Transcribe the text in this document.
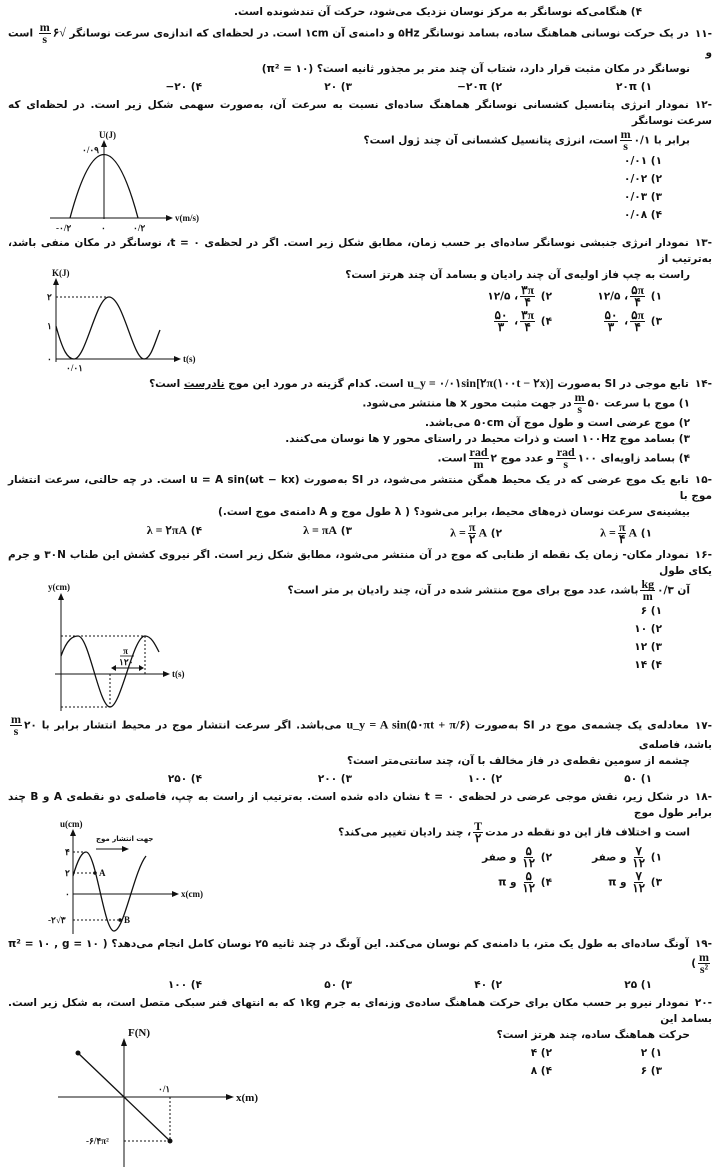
۴) هنگامی‌که نوسانگر به مرکز نوسان نزدیک می‌شود، حرکت آن تندشونده است.
-۱۱در یک حرکت نوسانی هماهنگ ساده، بسامد نوسانگر ۵Hz و دامنه‌ی آن ۱cm است. در لحظه‌ای که اندازه‌ی سرعت نوسانگر √۶
$\frac{m}{s}$
است و
نوسانگر در مکان مثبت قرار دارد، شتاب آن چند متر بر مجذور ثانیه است؟ (π² = ۱۰)
۱) ۲۰π
۲) ۲۰π−
۳) ۲۰
۴) ۲۰−
-۱۲نمودار انرژی پتانسیل کشسانی نوسانگر هماهنگ ساده‌ای نسبت به سرعت آن، به‌صورت سهمی شکل زیر است. در لحظه‌ای که سرعت نوسانگر
U(J)
v(m/s)
۰/۰۹
-۰/۲	۰	۰/۲
برابر با ۰/۱
$\frac{m}{s}$
است، انرژی پتانسیل کشسانی آن چند ژول است؟
۱) ۰/۰۱
۲) ۰/۰۲
۳) ۰/۰۳
۴) ۰/۰۸
-۱۳نمودار انرژی جنبشی نوسانگر ساده‌ای بر حسب زمان، مطابق شکل زیر است. اگر در لحظه‌ی t = ۰، نوسانگر در مکان منفی باشد، به‌ترتیب از
K(J)
t(s)
۲
۱
۰
۰/۰۱
راست به چپ فاز اولیه‌ی آن چند رادیان و بسامد آن چند هرتز است؟
۱)
$\frac{۵\pi}{۴}$
، ۱۲/۵
۲)
$\frac{۳\pi}{۴}$
، ۱۲/۵
۳)
$\frac{۵\pi}{۴}$
،
$\frac{۵۰}{۳}$
۴)
$\frac{۳\pi}{۴}$
،
$\frac{۵۰}{۳}$
-۱۴تابع موجی در SI به‌صورت u_y = ۰/۰۱sin[۲π(۱۰۰t − ۲x)] است. کدام گزینه در مورد این موج نادرست است؟
۱) موج با سرعت ۵۰
$\frac{m}{s}$
در جهت مثبت محور x ها منتشر می‌شود.
۲) موج عرضی است و طول موج آن ۵۰cm می‌باشد.
۳) بسامد موج ۱۰۰Hz است و ذرات محیط در راستای محور y ها نوسان می‌کنند.
۴) بسامد زاویه‌ای ۱۰۰
$\frac{\text{rad}}{s}$
و عدد موج ۲
$\frac{\text{rad}}{m}$
است.
-۱۵تابع یک موج عرضی که در یک محیط همگن منتشر می‌شود، در SI به‌صورت u = A sin(ωt − kx) است. در چه حالتی، سرعت انتشار موج با
بیشینه‌ی سرعت نوسان ذره‌های محیط، برابر می‌شود؟ ( λ طول موج و A دامنه‌ی موج است.)
۱) $\lambda = \frac{\pi}{۴}$ A
۲) $\lambda = \frac{\pi}{۲}$ A
۳) λ = πA
۴) λ = ۲πA
-۱۶نمودار مکان- زمان یک نقطه از طنابی که موج در آن منتشر می‌شود، مطابق شکل زیر است. اگر نیروی کشش این طناب ۳۰N و جرم یکای طول
π
۱۲۰
y(cm)
t(s)
آن ۰/۳
$\frac{kg}{m}$
باشد، عدد موج برای موج منتشر شده در آن، چند رادیان بر متر است؟
۱) ۶
۲) ۱۰
۳) ۱۲
۴) ۱۴
-۱۷معادله‌ی یک چشمه‌ی موج در SI به‌صورت u_y = A sin(۵۰πt + π/۶) می‌باشد. اگر سرعت انتشار موج در محیط انتشار برابر با ۲۰
$\frac{m}{s}$
باشد، فاصله‌ی
چشمه از سومین نقطه‌ی در فاز مخالف با آن، چند سانتی‌متر است؟
۱) ۵۰
۲) ۱۰۰
۳) ۲۰۰
۴) ۲۵۰
-۱۸در شکل زیر، نقش موجی عرضی در لحظه‌ی t = ۰ نشان داده شده است. به‌ترتیب از راست به چپ، فاصله‌ی دو نقطه‌ی A و B چند برابر طول موج
جهت انتشار موج
u(cm)
x(cm)
۴
۲
۰
-۲√۳
A
B
است و اختلاف فاز این دو نقطه در مدت
$\frac{T}{۲}$
، چند رادیان تغییر می‌کند؟
۱)
$\frac{۷}{۱۲}$
و صفر
۲)
$\frac{۵}{۱۲}$
و صفر
۳)
$\frac{۷}{۱۲}$
و π
۴)
$\frac{۵}{۱۲}$
و π
-۱۹آونگ ساده‌ای به طول یک متر، با دامنه‌ی کم نوسان می‌کند. این آونگ در چند ثانیه ۲۵ نوسان کامل انجام می‌دهد؟ ( π² = ۱۰ , g = ۱۰
$\frac{m}{\text{s²}}$
)
۱) ۲۵
۲) ۴۰
۳) ۵۰
۴) ۱۰۰
-۲۰نمودار نیرو بر حسب مکان برای حرکت هماهنگ ساده‌ی وزنه‌ای به جرم ۱kg که به انتهای فنر سبکی متصل است، به شکل زیر است. بسامد این
F(N)
x(m)
۰/۱
-۶/۴π²
حرکت هماهنگ ساده، چند هرتز است؟
۱) ۲
۲) ۴
۳) ۶
۴) ۸
